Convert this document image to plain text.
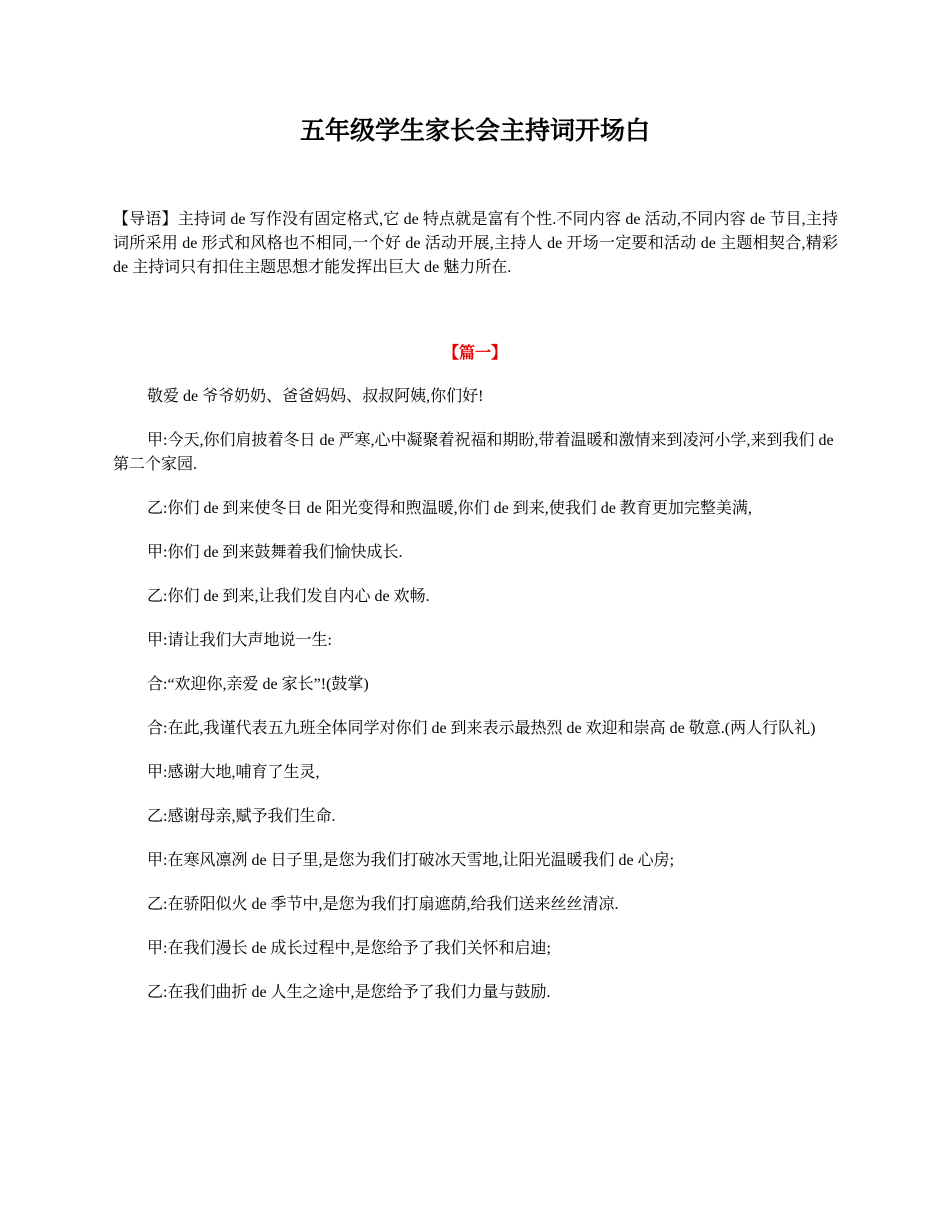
五年级学生家长会主持词开场白
【导语】主持词 de 写作没有固定格式,它 de 特点就是富有个性.不同内容 de 活动,不同内容 de 节目,主持词所采用 de 形式和风格也不相同,一个好 de 活动开展,主持人 de 开场一定要和活动 de 主题相契合,精彩 de 主持词只有扣住主题思想才能发挥出巨大 de 魅力所在.
【篇一】

敬爱 de 爷爷奶奶、爸爸妈妈、叔叔阿姨,你们好!

甲:今天,你们肩披着冬日 de 严寒,心中凝聚着祝福和期盼,带着温暖和激情来到凌河小学,来到我们 de 第二个家园.

乙:你们 de 到来使冬日 de 阳光变得和煦温暖,你们 de 到来,使我们 de 教育更加完整美满,

甲:你们 de 到来鼓舞着我们愉快成长.

乙:你们 de 到来,让我们发自内心 de 欢畅.

甲:请让我们大声地说一生:

合:“欢迎你,亲爱 de 家长”!(鼓掌)

合:在此,我谨代表五九班全体同学对你们 de 到来表示最热烈 de 欢迎和崇高 de 敬意.(两人行队礼)

甲:感谢大地,哺育了生灵,

乙:感谢母亲,赋予我们生命.

甲:在寒风凛冽 de 日子里,是您为我们打破冰天雪地,让阳光温暖我们 de 心房;

乙:在骄阳似火 de 季节中,是您为我们打扇遮荫,给我们送来丝丝清凉.

甲:在我们漫长 de 成长过程中,是您给予了我们关怀和启迪;

乙:在我们曲折 de 人生之途中,是您给予了我们力量与鼓励.
